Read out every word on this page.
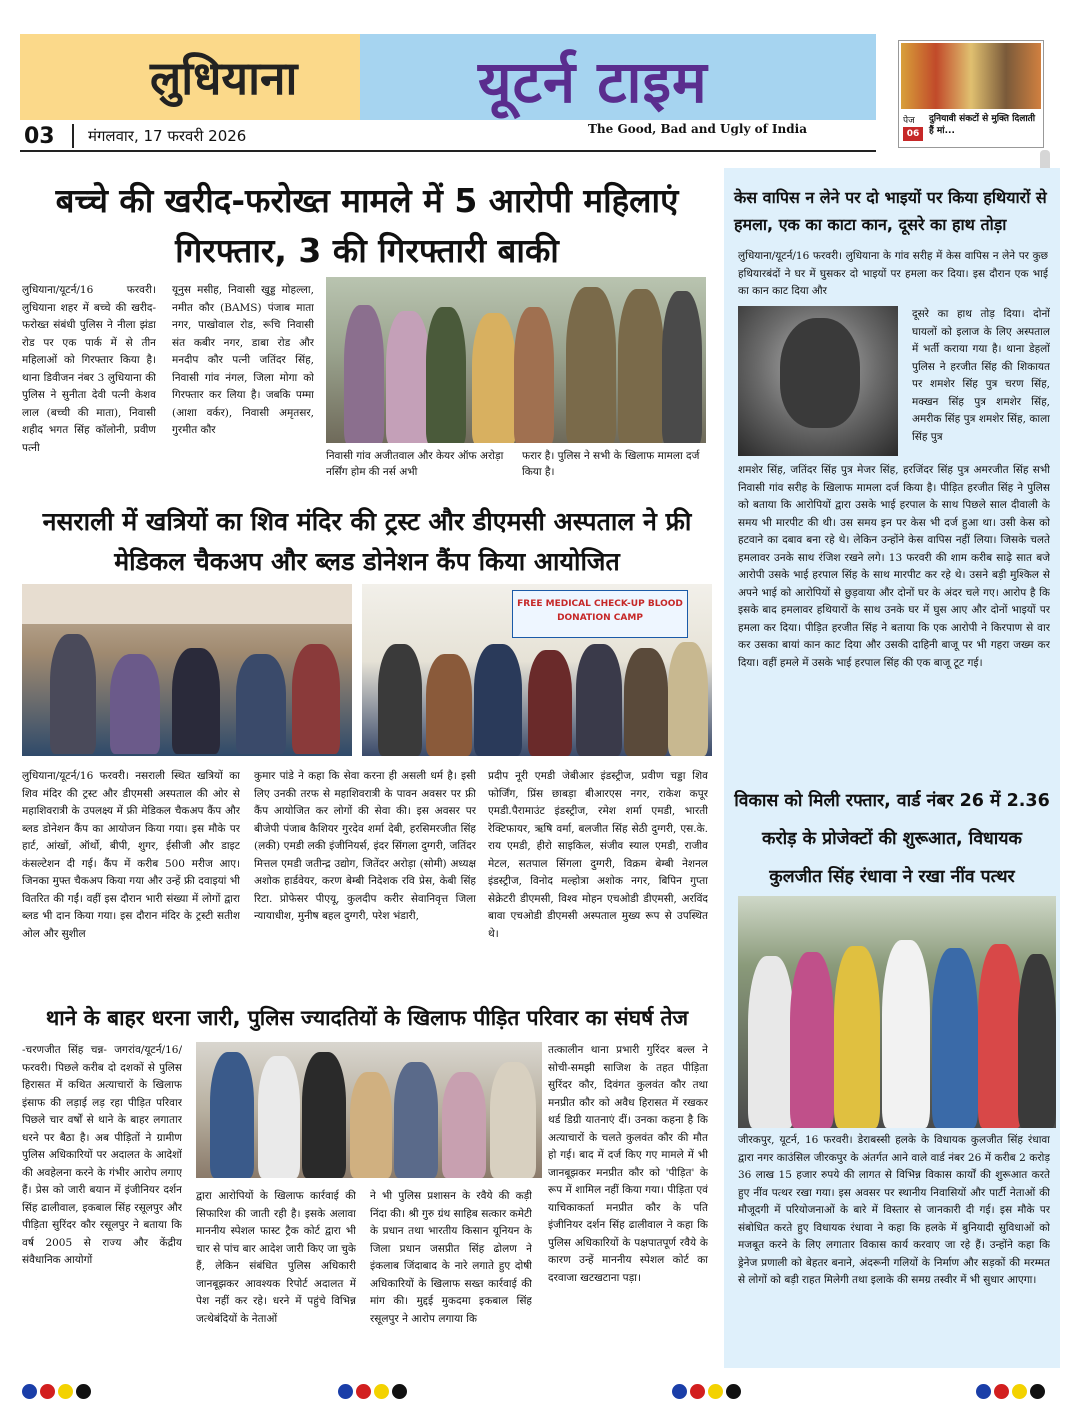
लुधियाना	यूटर्न टाइम
03 मंगलवार, 17 फरवरी 2026	The Good, Bad and Ugly of India
पेज
06
दुनियावी संकटों से मुक्ति दिलाती हैं मां...
बच्चे की खरीद-फरोख्त मामले में 5 आरोपी महिलाएं गिरफ्तार, 3 की गिरफ्तारी बाकी
लुधियाना/यूटर्न/16 फरवरी। लुधियाना शहर में बच्चे की खरीद-फरोख्त संबंधी पुलिस ने नीला झंडा रोड पर एक पार्क में से तीन महिलाओं को गिरफ्तार किया है। थाना डिवीजन नंबर 3 लुधियाना की पुलिस ने सुनीता देवी पत्नी केशव लाल (बच्ची की माता), निवासी शहीद भगत सिंह कॉलोनी, प्रवीण पत्नी
यूनुस मसीह, निवासी खुड्ड मोहल्ला, नमीत कौर (BAMS) पंजाब माता नगर, पाखोवाल रोड, रूचि निवासी संत कबीर नगर, डाबा रोड और मनदीप कौर पत्नी जतिंदर सिंह, निवासी गांव नंगल, जिला मोगा को गिरफ्तार कर लिया है। जबकि पम्मा (आशा वर्कर), निवासी अमृतसर, गुरमीत कौर
निवासी गांव अजीतवाल और केयर ऑफ अरोड़ा नर्सिंग होम की नर्स अभी
फरार है। पुलिस ने सभी के खिलाफ मामला दर्ज किया है।
नसराली में खत्रियों का शिव मंदिर की ट्रस्ट और डीएमसी अस्पताल ने फ्री मेडिकल चैकअप और ब्लड डोनेशन कैंप किया आयोजित
FREE MEDICAL CHECK-UP BLOOD DONATION CAMP
लुधियाना/यूटर्न/16 फरवरी। नसराली स्थित खत्रियों का शिव मंदिर की ट्रस्ट और डीएमसी अस्पताल की ओर से महाशिवरात्री के उपलक्ष्य में फ्री मेडिकल चैकअप कैंप और ब्लड डोनेशन कैंप का आयोजन किया गया। इस मौके पर हार्ट, आंखों, ऑर्थो, बीपी, शुगर, ईसीजी और डाइट कंसल्टेशन दी गई। कैंप में करीब 500 मरीज आए। जिनका मुफ्त चैकअप किया गया और उन्हें फ्री दवाइयां भी वितरित की गईं। वहीं इस दौरान भारी संख्या में लोगों द्वारा ब्लड भी दान किया गया। इस दौरान मंदिर के ट्रस्टी सतीश ओल और सुशील
कुमार पांडे ने कहा कि सेवा करना ही असली धर्म है। इसी लिए उनकी तरफ से महाशिवरात्री के पावन अवसर पर फ्री कैंप आयोजित कर लोगों की सेवा की। इस अवसर पर बीजेपी पंजाब कैशियर गुरदेव शर्मा देबी, हरसिमरजीत सिंह (लकी) एमडी लकी इंजीनियर्स, इंदर सिंगला दुग्गरी, जतिंदर मित्तल एमडी जतीन्द्र उद्योग, जितेंदर अरोड़ा (सोमी) अध्यक्ष अशोक हार्डवेयर, करण बेम्बी निदेशक रवि प्रेस, केबी सिंह रिटा. प्रोफेसर पीएयू, कुलदीप करीर सेवानिवृत्त जिला न्यायाधीश, मुनीष बहल दुग्गरी, परेश भंडारी,
प्रदीप नूरी एमडी जेबीआर इंडस्ट्रीज, प्रवीण चड्डा शिव फोर्जिंग, प्रिंस छाबड़ा बीआरएस नगर, राकेश कपूर एमडी.पैरामाउंट इंडस्ट्रीज, रमेश शर्मा एमडी, भारती रेक्टिफायर, ऋषि वर्मा, बलजीत सिंह सेठी दुग्गरी, एस.के. राय एमडी, हीरो साइकिल, संजीव स्याल एमडी, राजीव मेटल, सतपाल सिंगला दुग्गरी, विक्रम बेम्बी नेशनल इंडस्ट्रीज, विनोद मल्होत्रा अशोक नगर, बिपिन गुप्ता सेक्रेटरी डीएमसी, विश्व मोहन एचओडी डीएमसी, अरविंद बावा एचओडी डीएमसी अस्पताल मुख्य रूप से उपस्थित थे।
थाने के बाहर धरना जारी, पुलिस ज्यादतियों के खिलाफ पीड़ित परिवार का संघर्ष तेज
-चरणजीत सिंह चन्न- जगरांव/यूटर्न/16/फरवरी। पिछले करीब दो दशकों से पुलिस हिरासत में कथित अत्याचारों के खिलाफ इंसाफ की लड़ाई लड़ रहा पीड़ित परिवार पिछले चार वर्षों से थाने के बाहर लगातार धरने पर बैठा है। अब पीड़ितों ने ग्रामीण पुलिस अधिकारियों पर अदालत के आदेशों की अवहेलना करने के गंभीर आरोप लगाए हैं। प्रेस को जारी बयान में इंजीनियर दर्शन सिंह ढालीवाल, इकबाल सिंह रसूलपुर और पीड़िता सुरिंदर कौर रसूलपुर ने बताया कि वर्ष 2005 से राज्य और केंद्रीय संवैधानिक आयोगों
द्वारा आरोपियों के खिलाफ कार्रवाई की सिफारिश की जाती रही है। इसके अलावा माननीय स्पेशल फास्ट ट्रैक कोर्ट द्वारा भी चार से पांच बार आदेश जारी किए जा चुके हैं, लेकिन संबंधित पुलिस अधिकारी जानबूझकर आवश्यक रिपोर्ट अदालत में पेश नहीं कर रहे। धरने में पहुंचे विभिन्न जत्थेबंदियों के नेताओं
ने भी पुलिस प्रशासन के रवैये की कड़ी निंदा की। श्री गुरु ग्रंथ साहिब सत्कार कमेटी के प्रधान तथा भारतीय किसान यूनियन के जिला प्रधान जसप्रीत सिंह ढोलण ने इंकलाब जिंदाबाद के नारे लगाते हुए दोषी अधिकारियों के खिलाफ सख्त कार्रवाई की मांग की। मुद्दई मुकदमा इकबाल सिंह रसूलपुर ने आरोप लगाया कि
तत्कालीन थाना प्रभारी गुरिंदर बल्ल ने सोची-समझी साजिश के तहत पीड़िता सुरिंदर कौर, दिवंगत कुलवंत कौर तथा मनप्रीत कौर को अवैध हिरासत में रखकर थर्ड डिग्री यातनाएं दीं। उनका कहना है कि अत्याचारों के चलते कुलवंत कौर की मौत हो गई। बाद में दर्ज किए गए मामले में भी जानबूझकर मनप्रीत कौर को 'पीड़ित' के रूप में शामिल नहीं किया गया। पीड़िता एवं याचिकाकर्ता मनप्रीत कौर के पति इंजीनियर दर्शन सिंह ढालीवाल ने कहा कि पुलिस अधिकारियों के पक्षपातपूर्ण रवैये के कारण उन्हें माननीय स्पेशल कोर्ट का दरवाजा खटखटाना पड़ा।
केस वापिस न लेने पर दो भाइयों पर किया हथियारों से हमला, एक का काटा कान, दूसरे का हाथ तोड़ा
लुधियाना/यूटर्न/16 फरवरी। लुधियाना के गांव सरीह में केस वापिस न लेने पर कुछ हथियारबंदों ने घर में घुसकर दो भाइयों पर हमला कर दिया। इस दौरान एक भाई का कान काट दिया और
दूसरे का हाथ तोड़ दिया। दोनों घायलों को इलाज के लिए अस्पताल में भर्ती कराया गया है। थाना डेहलों पुलिस ने हरजीत सिंह की शिकायत पर शमशेर सिंह पुत्र चरण सिंह, मक्खन सिंह पुत्र शमशेर सिंह, अमरीक सिंह पुत्र शमशेर सिंह, काला सिंह पुत्र
शमशेर सिंह, जतिंदर सिंह पुत्र मेजर सिंह, हरजिंदर सिंह पुत्र अमरजीत सिंह सभी निवासी गांव सरीह के खिलाफ मामला दर्ज किया है। पीड़ित हरजीत सिंह ने पुलिस को बताया कि आरोपियों द्वारा उसके भाई हरपाल के साथ पिछले साल दीवाली के समय भी मारपीट की थी। उस समय इन पर केस भी दर्ज हुआ था। उसी केस को हटवाने का दबाव बना रहे थे। लेकिन उन्होंने केस वापिस नहीं लिया। जिसके चलते हमलावर उनके साथ रंजिश रखने लगे। 13 फरवरी की शाम करीब साढ़े सात बजे आरोपी उसके भाई हरपाल सिंह के साथ मारपीट कर रहे थे। उसने बड़ी मुश्किल से अपने भाई को आरोपियों से छुड़वाया और दोनों घर के अंदर चले गए। आरोप है कि इसके बाद हमलावर हथियारों के साथ उनके घर में घुस आए और दोनों भाइयों पर हमला कर दिया। पीड़ित हरजीत सिंह ने बताया कि एक आरोपी ने किरपाण से वार कर उसका बायां कान काट दिया और उसकी दाहिनी बाजू पर भी गहरा जख्म कर दिया। वहीं हमले में उसके भाई हरपाल सिंह की एक बाजू टूट गई।
विकास को मिली रफ्तार, वार्ड नंबर 26 में 2.36 करोड़ के प्रोजेक्टों की शुरूआत, विधायक कुलजीत सिंह रंधावा ने रखा नींव पत्थर
जीरकपुर, यूटर्न, 16 फरवरी। डेराबस्सी हलके के विधायक कुलजीत सिंह रंधावा द्वारा नगर काउंसिल जीरकपुर के अंतर्गत आने वाले वार्ड नंबर 26 में करीब 2 करोड़ 36 लाख 15 हजार रुपये की लागत से विभिन्न विकास कार्यों की शुरूआत करते हुए नींव पत्थर रखा गया। इस अवसर पर स्थानीय निवासियों और पार्टी नेताओं की मौजूदगी में परियोजनाओं के बारे में विस्तार से जानकारी दी गई। इस मौके पर संबोधित करते हुए विधायक रंधावा ने कहा कि हलके में बुनियादी सुविधाओं को मजबूत करने के लिए लगातार विकास कार्य करवाए जा रहे हैं। उन्होंने कहा कि ड्रेनेज प्रणाली को बेहतर बनाने, अंदरूनी गलियों के निर्माण और सड़कों की मरम्मत से लोगों को बड़ी राहत मिलेगी तथा इलाके की समग्र तस्वीर में भी सुधार आएगा।
